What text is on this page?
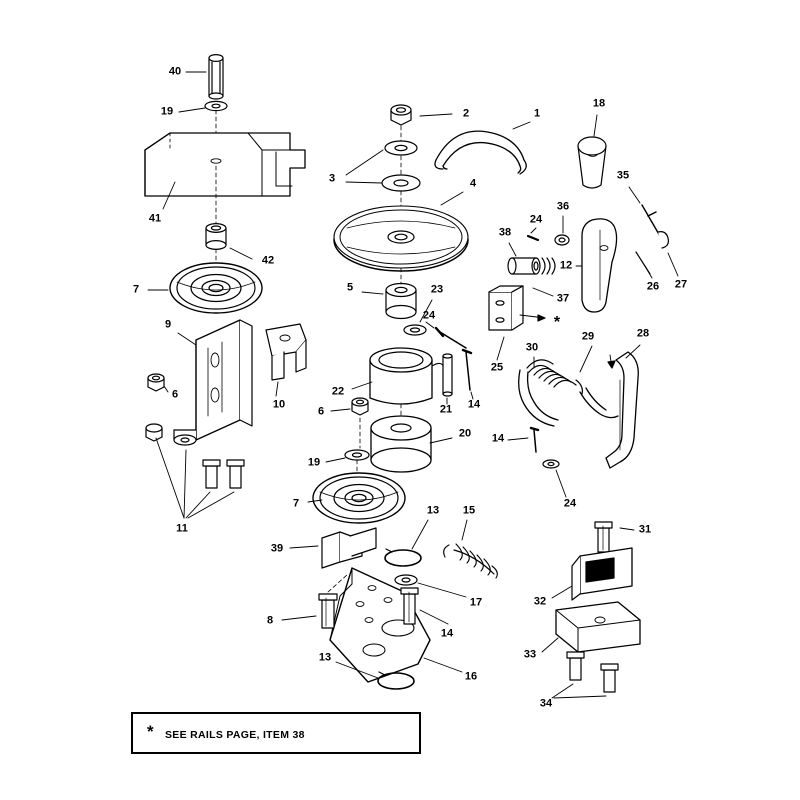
40
19	2	1
18
3	35
41
4
24
36
42
38
12
26 27
7	5	23
37
9
24
29	28
25
30
6
10
22
21 14
6
20 14
19
11
7	24
13 15
31
39
32
17
8
14
33
13
16
34
* SEE RAILS PAGE, ITEM 38
*
